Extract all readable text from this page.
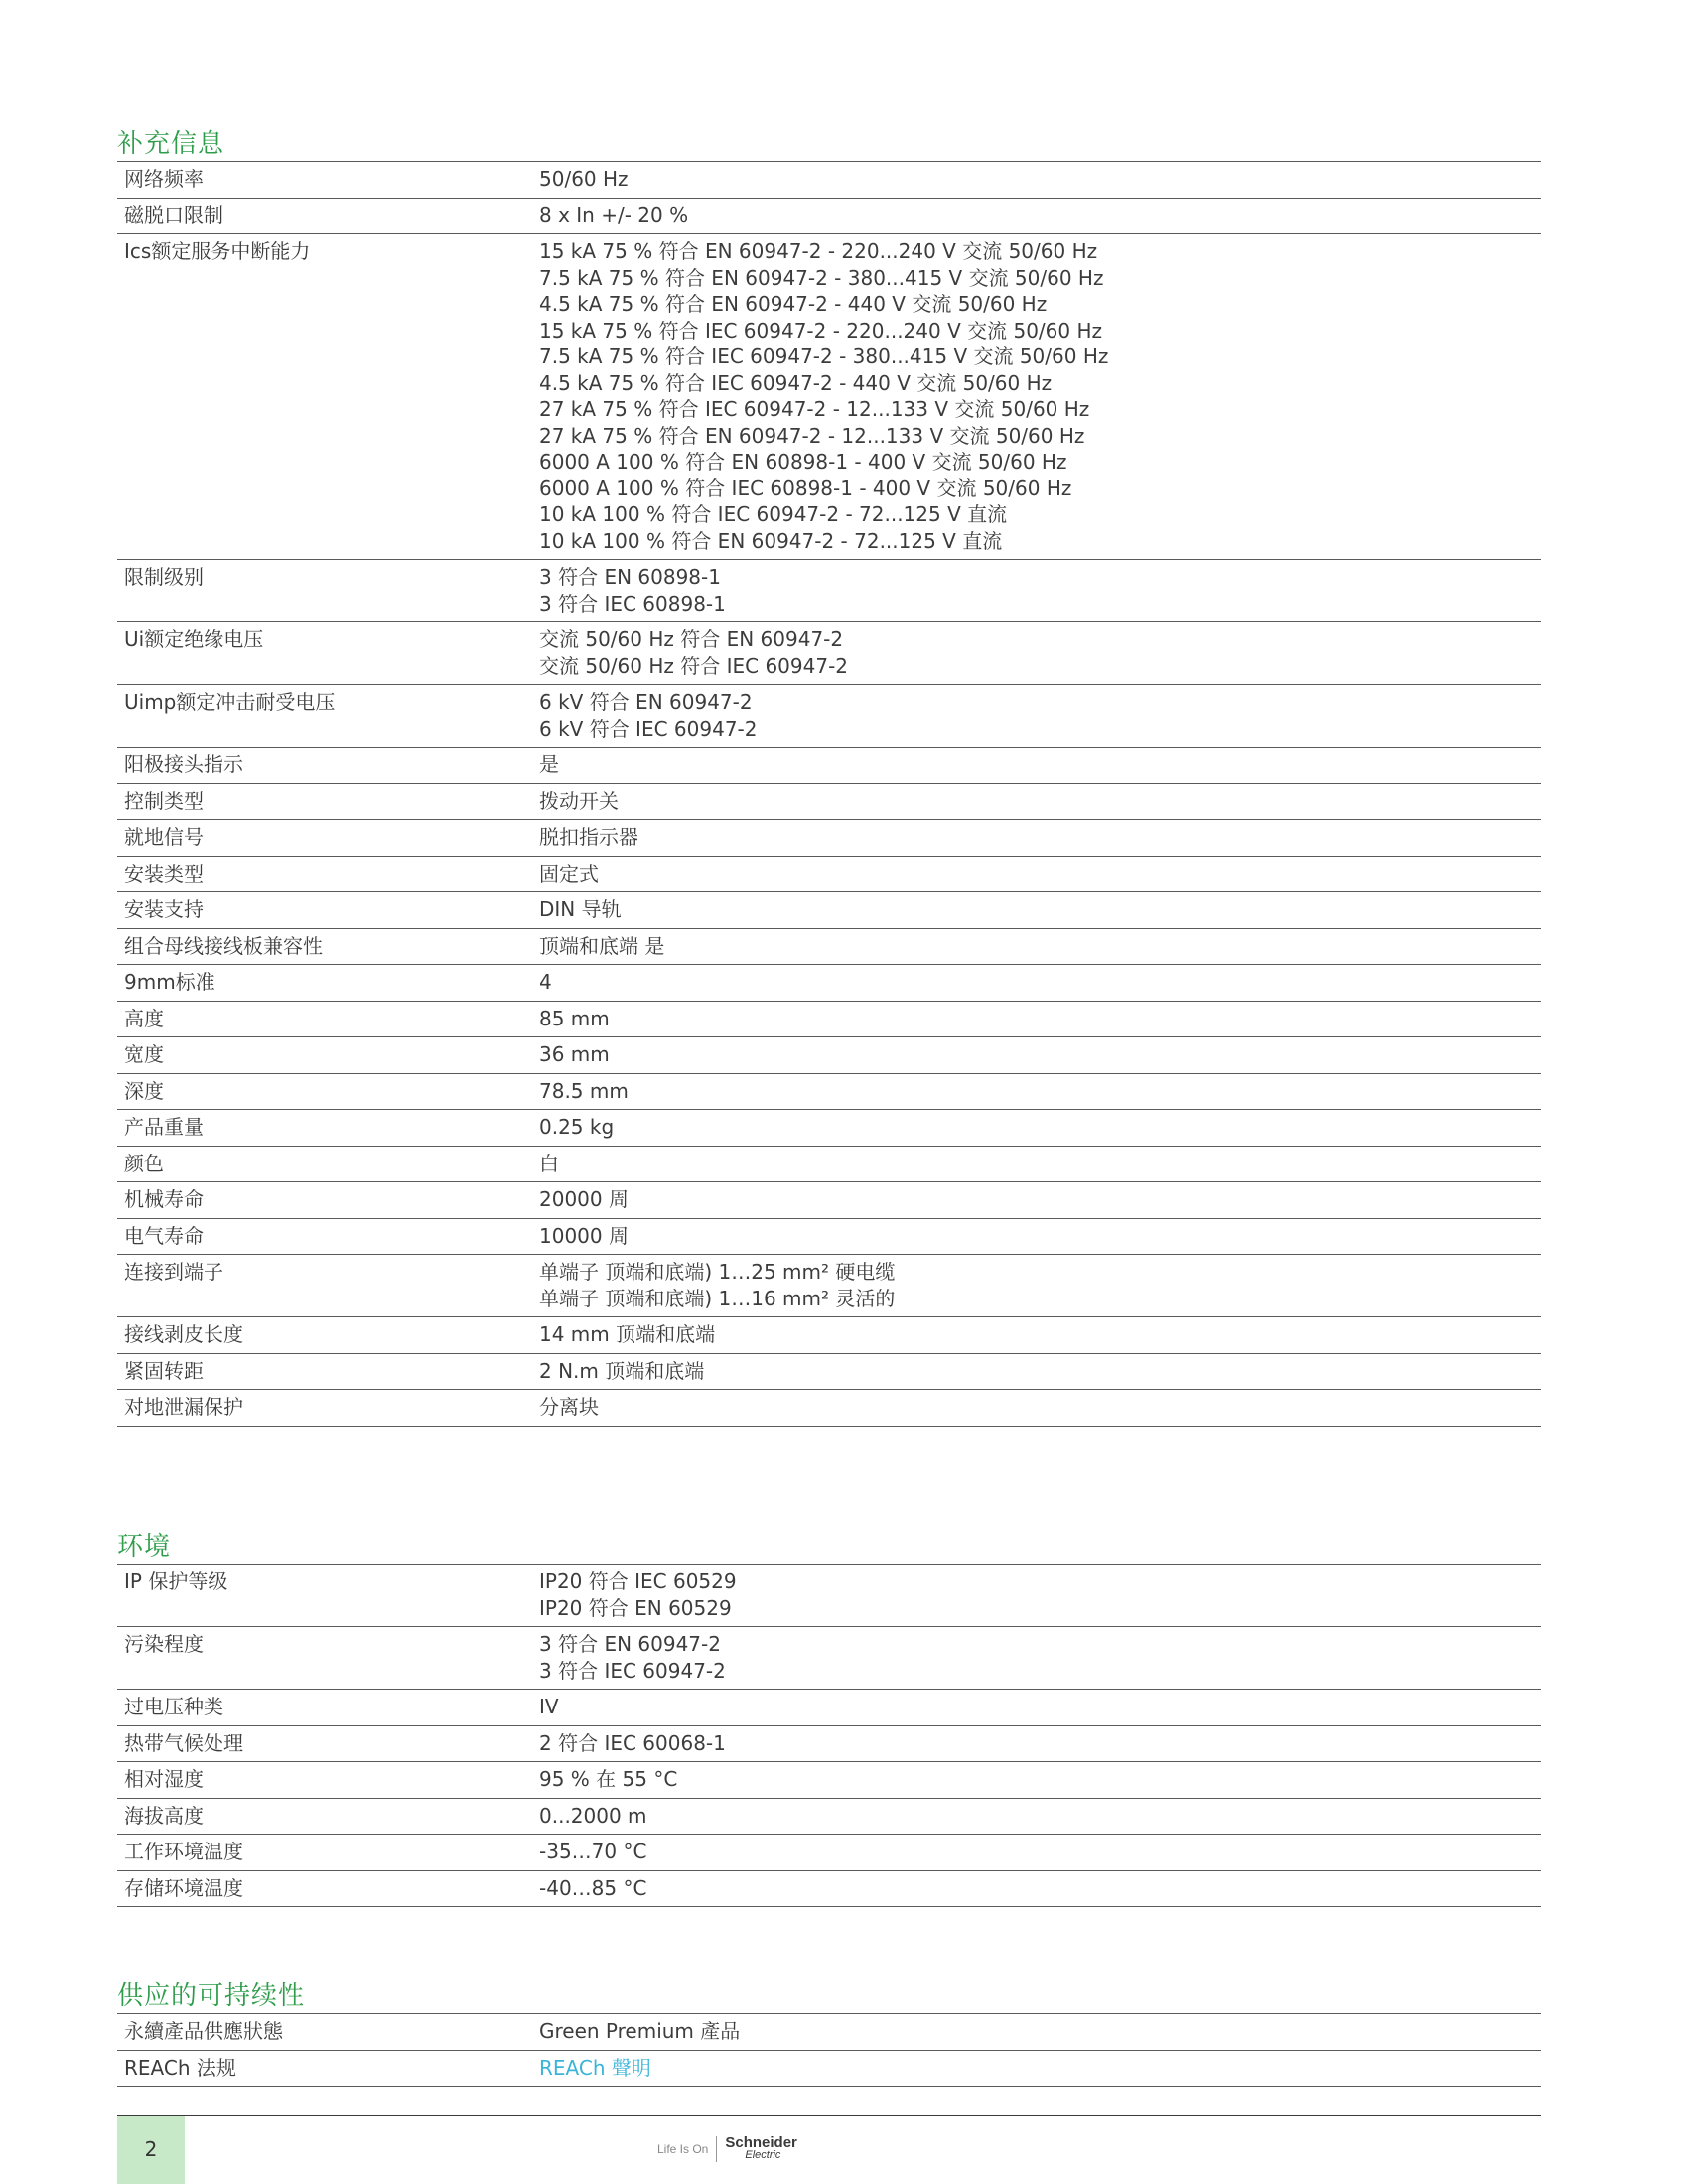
补充信息
网络频率	50/60 Hz
磁脱口限制	8 x In +/- 20 %
Ics额定服务中断能力	15 kA 75 % 符合 EN 60947-2 - 220...240 V 交流 50/60 Hz
7.5 kA 75 % 符合 EN 60947-2 - 380...415 V 交流 50/60 Hz
4.5 kA 75 % 符合 EN 60947-2 - 440 V 交流 50/60 Hz
15 kA 75 % 符合 IEC 60947-2 - 220...240 V 交流 50/60 Hz
7.5 kA 75 % 符合 IEC 60947-2 - 380...415 V 交流 50/60 Hz
4.5 kA 75 % 符合 IEC 60947-2 - 440 V 交流 50/60 Hz
27 kA 75 % 符合 IEC 60947-2 - 12...133 V 交流 50/60 Hz
27 kA 75 % 符合 EN 60947-2 - 12...133 V 交流 50/60 Hz
6000 A 100 % 符合 EN 60898-1 - 400 V 交流 50/60 Hz
6000 A 100 % 符合 IEC 60898-1 - 400 V 交流 50/60 Hz
10 kA 100 % 符合 IEC 60947-2 - 72...125 V 直流
10 kA 100 % 符合 EN 60947-2 - 72...125 V 直流
限制级别	3 符合 EN 60898-1
3 符合 IEC 60898-1
Ui额定绝缘电压	交流 50/60 Hz 符合 EN 60947-2
交流 50/60 Hz 符合 IEC 60947-2
Uimp额定冲击耐受电压	6 kV 符合 EN 60947-2
6 kV 符合 IEC 60947-2
阳极接头指示	是
控制类型	拨动开关
就地信号	脱扣指示器
安装类型	固定式
安装支持	DIN 导轨
组合母线接线板兼容性	顶端和底端 是
9mm标准	4
高度	85 mm
宽度	36 mm
深度	78.5 mm
产品重量	0.25 kg
颜色	白
机械寿命	20000 周
电气寿命	10000 周
连接到端子	单端子 顶端和底端) 1…25 mm² 硬电缆
单端子 顶端和底端) 1…16 mm² 灵活的
接线剥皮长度	14 mm 顶端和底端
紧固转距	2 N.m 顶端和底端
对地泄漏保护	分离块
环境
IP 保护等级	IP20 符合 IEC 60529
IP20 符合 EN 60529
污染程度	3 符合 EN 60947-2
3 符合 IEC 60947-2
过电压种类	IV
热带气候处理	2 符合 IEC 60068-1
相对湿度	95 % 在 55 °C
海拔高度	0...2000 m
工作环境温度	-35…70 °C
存储环境温度	-40…85 °C
供应的可持续性
永續產品供應狀態	Green Premium 產品
REACh 法规	REACh 聲明
2	Life Is On Schneider
Electric
